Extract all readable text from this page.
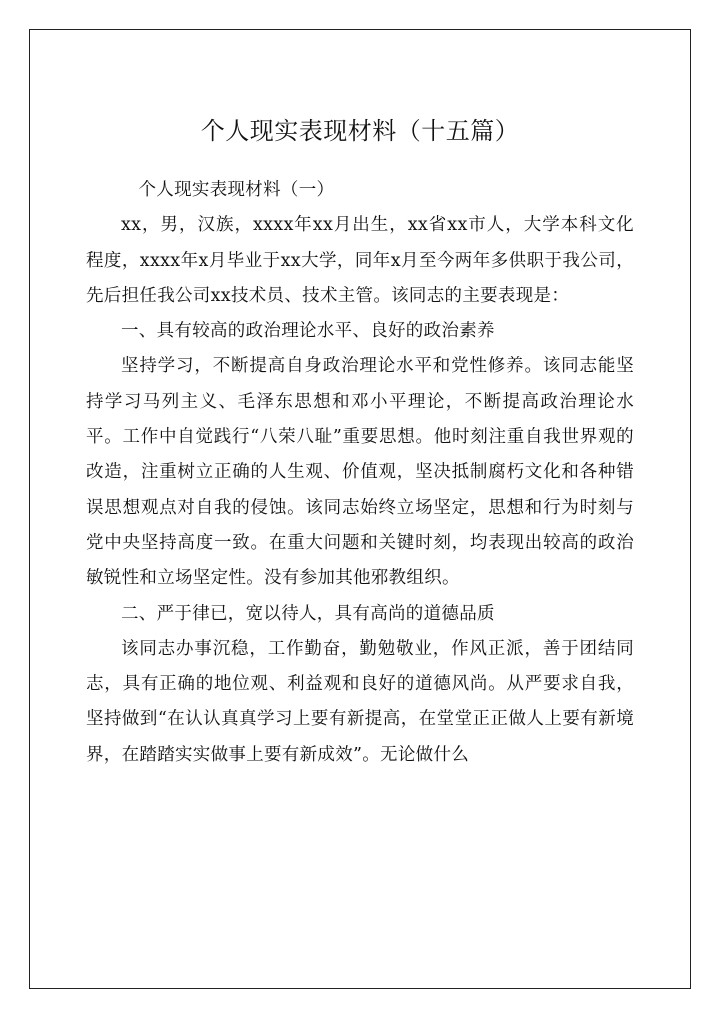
个人现实表现材料（十五篇）

个人现实表现材料（一）

xx，男，汉族，xxxx年xx月出生，xx省xx市人，大学本科文化程度，xxxx年x月毕业于xx大学，同年x月至今两年多供职于我公司，先后担任我公司xx技术员、技术主管。该同志的主要表现是：

一、具有较高的政治理论水平、良好的政治素养

坚持学习，不断提高自身政治理论水平和党性修养。该同志能坚持学习马列主义、毛泽东思想和邓小平理论，不断提高政治理论水平。工作中自觉践行“八荣八耻”重要思想。他时刻注重自我世界观的改造，注重树立正确的人生观、价值观，坚决抵制腐朽文化和各种错误思想观点对自我的侵蚀。该同志始终立场坚定，思想和行为时刻与党中央坚持高度一致。在重大问题和关键时刻，均表现出较高的政治敏锐性和立场坚定性。没有参加其他邪教组织。

二、严于律已，宽以待人，具有高尚的道德品质

该同志办事沉稳，工作勤奋，勤勉敬业，作风正派，善于团结同志，具有正确的地位观、利益观和良好的道德风尚。从严要求自我，坚持做到“在认认真真学习上要有新提高，在堂堂正正做人上要有新境界，在踏踏实实做事上要有新成效”。无论做什么
